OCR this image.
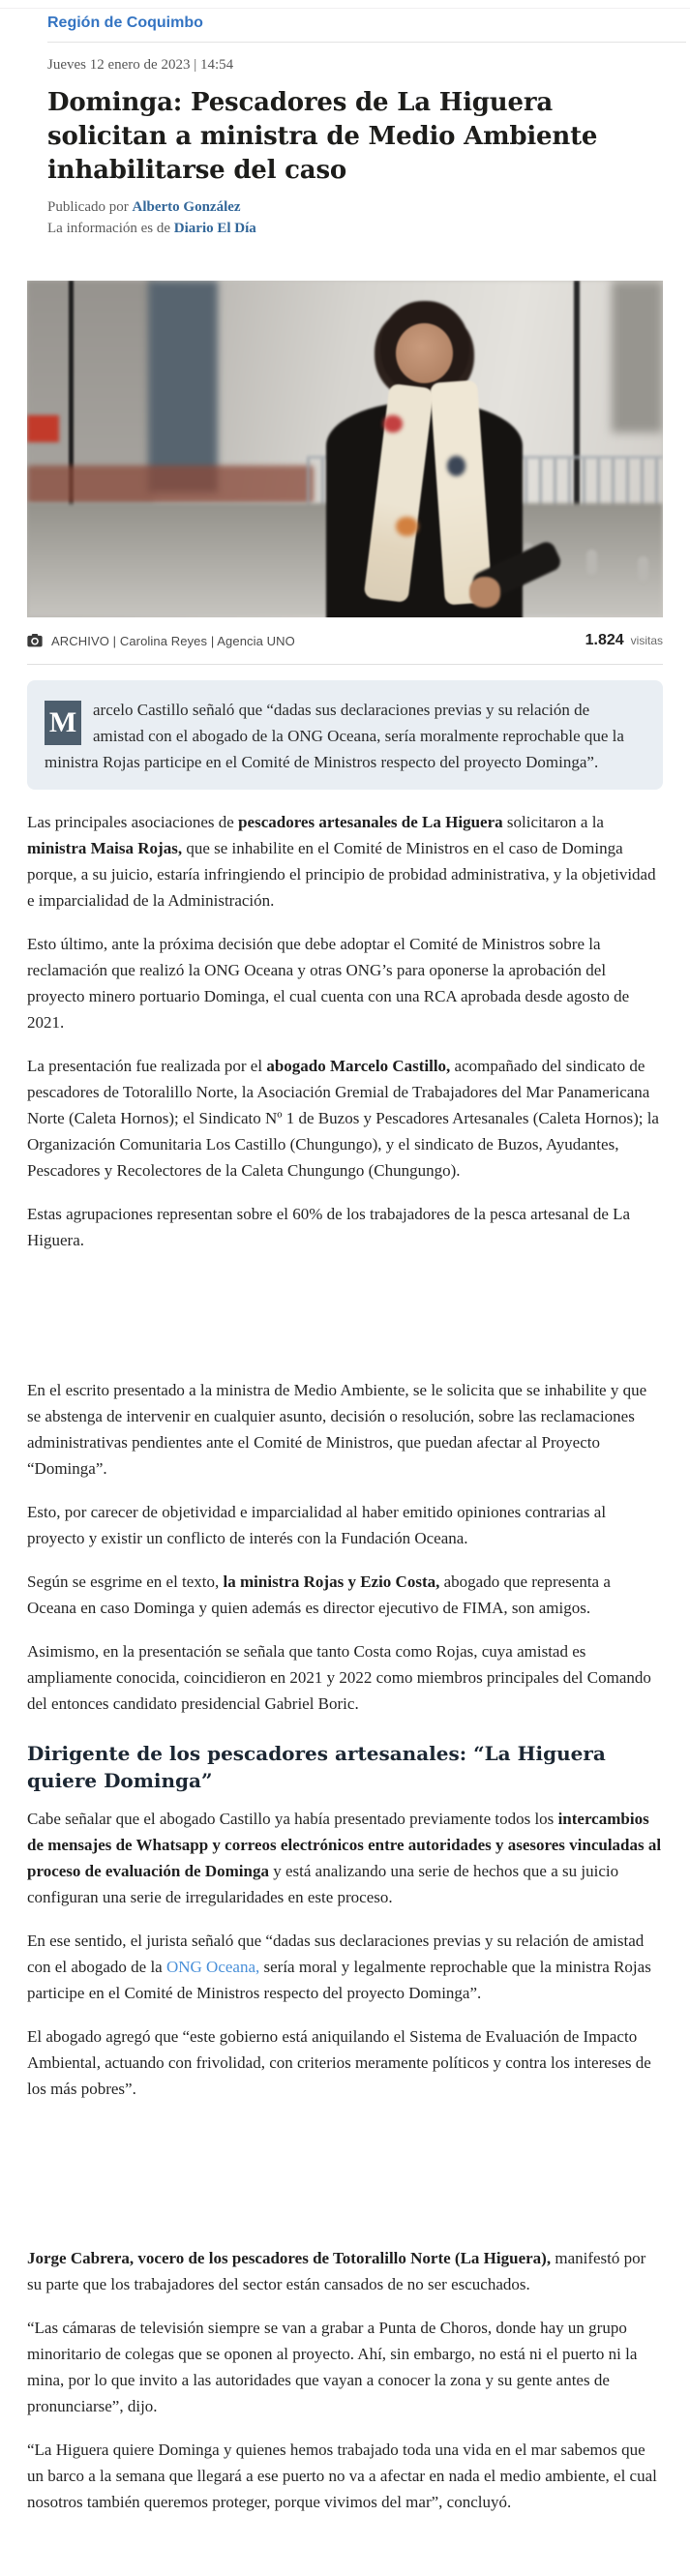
Región de Coquimbo
Jueves 12 enero de 2023 | 14:54
Dominga: Pescadores de La Higuera solicitan a ministra de Medio Ambiente inhabilitarse del caso
Publicado por Alberto González
La información es de Diario El Día
ARCHIVO | Carolina Reyes | Agencia UNO	1.824 visitas
M arcelo Castillo señaló que “dadas sus declaraciones previas y su relación de amistad con el abogado de la ONG Oceana, sería moralmente reprochable que la ministra Rojas participe en el Comité de Ministros respecto del proyecto Dominga”.

Las principales asociaciones de pescadores artesanales de La Higuera solicitaron a la ministra Maisa Rojas, que se inhabilite en el Comité de Ministros en el caso de Dominga porque, a su juicio, estaría infringiendo el principio de probidad administrativa, y la objetividad e imparcialidad de la Administración.

Esto último, ante la próxima decisión que debe adoptar el Comité de Ministros sobre la reclamación que realizó la ONG Oceana y otras ONG’s para oponerse la aprobación del proyecto minero portuario Dominga, el cual cuenta con una RCA aprobada desde agosto de 2021.

La presentación fue realizada por el abogado Marcelo Castillo, acompañado del sindicato de pescadores de Totoralillo Norte, la Asociación Gremial de Trabajadores del Mar Panamericana Norte (Caleta Hornos); el Sindicato Nº 1 de Buzos y Pescadores Artesanales (Caleta Hornos); la Organización Comunitaria Los Castillo (Chungungo), y el sindicato de Buzos, Ayudantes, Pescadores y Recolectores de la Caleta Chungungo (Chungungo).

Estas agrupaciones representan sobre el 60% de los trabajadores de la pesca artesanal de La Higuera.

En el escrito presentado a la ministra de Medio Ambiente, se le solicita que se inhabilite y que se abstenga de intervenir en cualquier asunto, decisión o resolución, sobre las reclamaciones administrativas pendientes ante el Comité de Ministros, que puedan afectar al Proyecto “Dominga”.

Esto, por carecer de objetividad e imparcialidad al haber emitido opiniones contrarias al proyecto y existir un conflicto de interés con la Fundación Oceana.

Según se esgrime en el texto, la ministra Rojas y Ezio Costa, abogado que representa a Oceana en caso Dominga y quien además es director ejecutivo de FIMA, son amigos.

Asimismo, en la presentación se señala que tanto Costa como Rojas, cuya amistad es ampliamente conocida, coincidieron en 2021 y 2022 como miembros principales del Comando del entonces candidato presidencial Gabriel Boric.

Dirigente de los pescadores artesanales: “La Higuera quiere Dominga”

Cabe señalar que el abogado Castillo ya había presentado previamente todos los intercambios de mensajes de Whatsapp y correos electrónicos entre autoridades y asesores vinculadas al proceso de evaluación de Dominga y está analizando una serie de hechos que a su juicio configuran una serie de irregularidades en este proceso.

En ese sentido, el jurista señaló que “dadas sus declaraciones previas y su relación de amistad con el abogado de la ONG Oceana, sería moral y legalmente reprochable que la ministra Rojas participe en el Comité de Ministros respecto del proyecto Dominga”.

El abogado agregó que “este gobierno está aniquilando el Sistema de Evaluación de Impacto Ambiental, actuando con frivolidad, con criterios meramente políticos y contra los intereses de los más pobres”.

Jorge Cabrera, vocero de los pescadores de Totoralillo Norte (La Higuera), manifestó por su parte que los trabajadores del sector están cansados de no ser escuchados.

“Las cámaras de televisión siempre se van a grabar a Punta de Choros, donde hay un grupo minoritario de colegas que se oponen al proyecto. Ahí, sin embargo, no está ni el puerto ni la mina, por lo que invito a las autoridades que vayan a conocer la zona y su gente antes de pronunciarse”, dijo.

“La Higuera quiere Dominga y quienes hemos trabajado toda una vida en el mar sabemos que un barco a la semana que llegará a ese puerto no va a afectar en nada el medio ambiente, el cual nosotros también queremos proteger, porque vivimos del mar”, concluyó.
